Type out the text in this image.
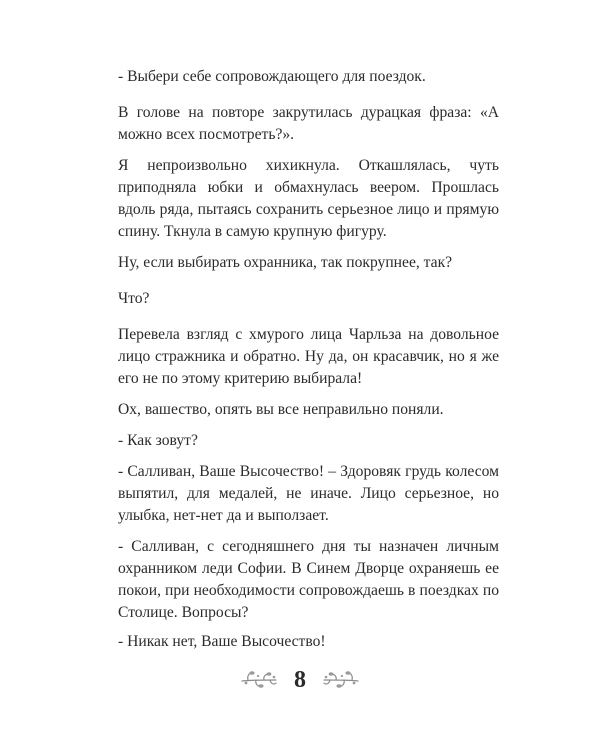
- Выбери себе сопровождающего для поездок.

В голове на повторе закрутилась дурацкая фраза: «А можно всех посмотреть?».

Я непроизвольно хихикнула. Откашлялась, чуть приподняла юбки и обмахнулась веером. Прошлась вдоль ряда, пытаясь сохранить серьезное лицо и прямую спину. Ткнула в самую крупную фигуру.

Ну, если выбирать охранника, так покрупнее, так?

Что?

Перевела взгляд с хмурого лица Чарльза на довольное лицо стражника и обратно. Ну да, он красавчик, но я же его не по этому критерию выбирала!

Ох, вашество, опять вы все неправильно поняли.

- Как зовут?

- Салливан, Ваше Высочество! – Здоровяк грудь колесом выпятил, для медалей, не иначе. Лицо серьезное, но улыбка, нет-нет да и выползает.

- Салливан, с сегодняшнего дня ты назначен личным охранником леди Софии. В Синем Дворце охраняешь ее покои, при необходимости сопровождаешь в поездках по Столице. Вопросы?

- Никак нет, Ваше Высочество!

8
